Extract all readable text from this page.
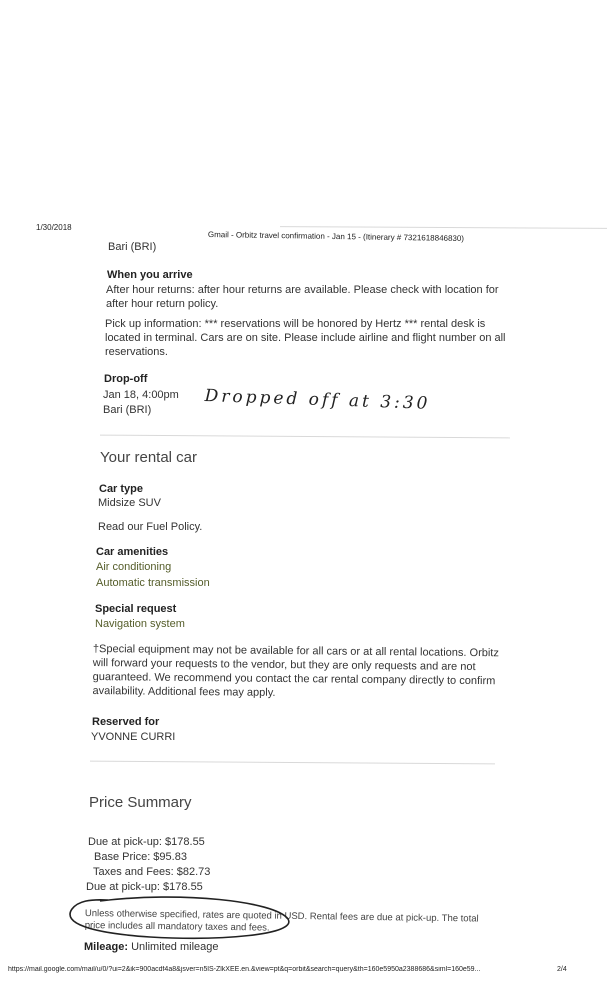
1/30/2018
Gmail - Orbitz travel confirmation - Jan 15 - (Itinerary # 7321618846830)
Bari (BRI)
When you arrive
After hour returns: after hour returns are available. Please check with location for after hour return policy.
Pick up information: *** reservations will be honored by Hertz *** rental desk is located in terminal. Cars are on site. Please include airline and flight number on all reservations.
Drop-off
Jan 18, 4:00pm
Bari (BRI)	Dropped off at 3:30
Your rental car
Car type
Midsize SUV
Read our Fuel Policy.
Car amenities
Air conditioning
Automatic transmission
Special request
Navigation system
†Special equipment may not be available for all cars or at all rental locations. Orbitz will forward your requests to the vendor, but they are only requests and are not guaranteed. We recommend you contact the car rental company directly to confirm availability. Additional fees may apply.
Reserved for
YVONNE CURRI
Price Summary
Due at pick-up: $178.55
Base Price: $95.83
Taxes and Fees: $82.73
Due at pick-up: $178.55
Unless otherwise specified, rates are quoted in USD. Rental fees are due at pick-up. The total price includes all mandatory taxes and fees.
Mileage: Unlimited mileage
https://mail.google.com/mail/u/0/?ui=2&ik=900acdf4a8&jsver=n5lS-ZlkXEE.en.&view=pt&q=orbit&search=query&th=160e5950a2388686&siml=160e59...	2/4
